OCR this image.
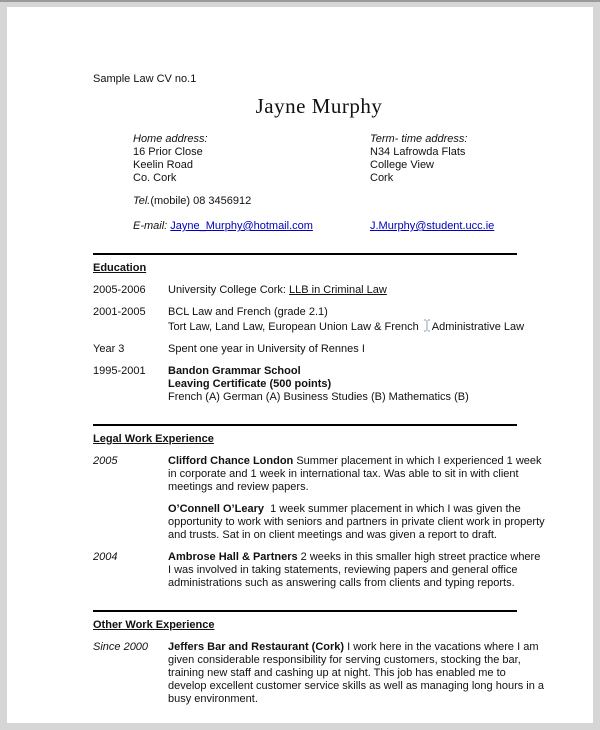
Sample Law CV no.1
Jayne Murphy
Home address:
16 Prior Close
Keelin Road
Co. Cork
Term- time address:
N34 Lafrowda Flats
College View
Cork
Tel.(mobile) 08 3456912
E-mail: Jayne_Murphy@hotmail.com	J.Murphy@student.ucc.ie
Education
2005-2006	University College Cork: LLB in Criminal Law
2001-2005	BCL Law and French (grade 2.1)
Tort Law, Land Law, European Union Law & French
Administrative Law
Year 3	Spent one year in University of Rennes I
1995-2001	Bandon Grammar School
Leaving Certificate (500 points)
French (A) German (A) Business Studies (B) Mathematics (B)
Legal Work Experience
2005	Clifford Chance London Summer placement in which I experienced 1 week in corporate and 1 week in international tax. Was able to sit in with client meetings and review papers.
O’Connell O’Leary 1 week summer placement in which I was given the opportunity to work with seniors and partners in private client work in property and trusts. Sat in on client meetings and was given a report to draft.
2004	Ambrose Hall & Partners 2 weeks in this smaller high street practice where I was involved in taking statements, reviewing papers and general office administrations such as answering calls from clients and typing reports.
Other Work Experience
Since 2000	Jeffers Bar and Restaurant (Cork) I work here in the vacations where I am given considerable responsibility for serving customers, stocking the bar, training new staff and cashing up at night. This job has enabled me to develop excellent customer service skills as well as managing long hours in a busy environment.
